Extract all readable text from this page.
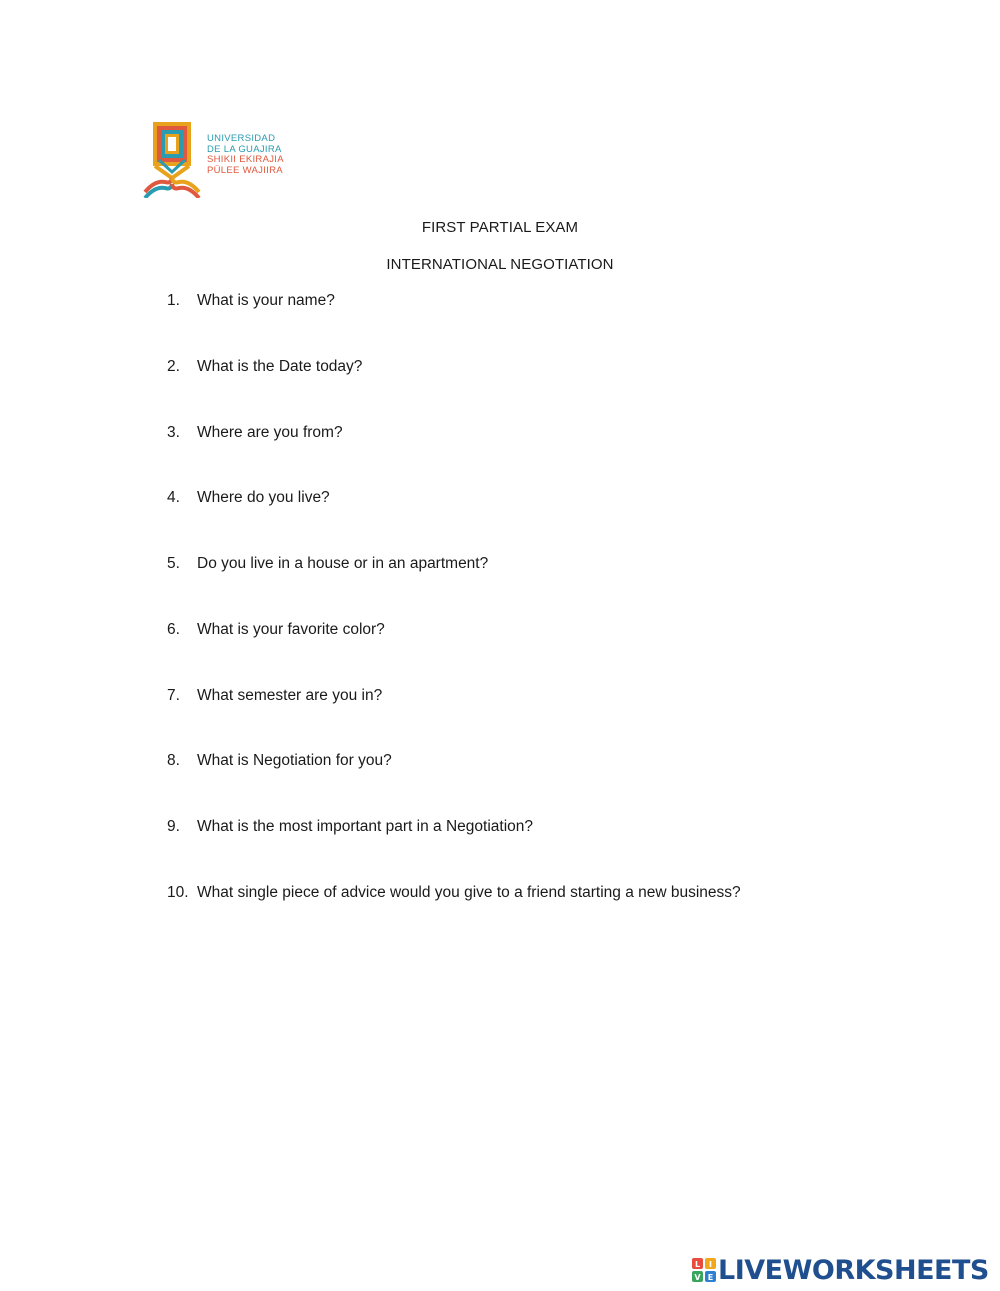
UNIVERSIDAD
DE LA GUAJIRA
SHIKII EKIRAJIA
PÜLEE WAJIIRA
FIRST PARTIAL EXAM
INTERNATIONAL NEGOTIATION
1. What is your name?
2. What is the Date today?
3. Where are you from?
4. Where do you live?
5. Do you live in a house or in an apartment?
6. What is your favorite color?
7. What semester are you in?
8. What is Negotiation for you?
9. What is the most important part in a Negotiation?
10. What single piece of advice would you give to a friend starting a new business?
L I
V E LIVEWORKSHEETS
